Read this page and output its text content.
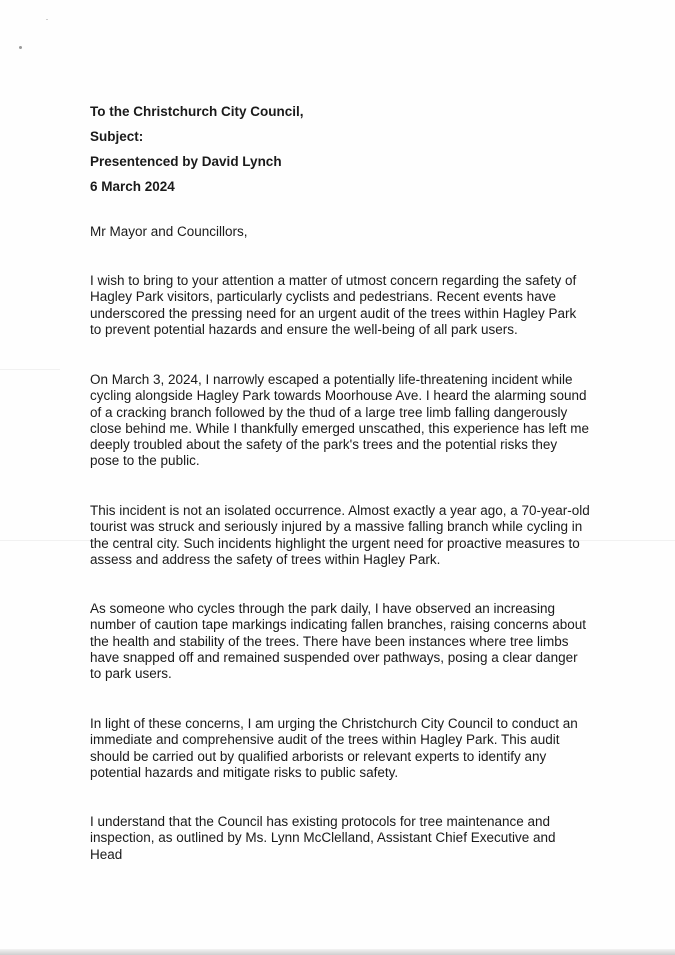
To the Christchurch City Council,
Subject:
Presentenced by David Lynch
6 March 2024
Mr Mayor and Councillors,

I wish to bring to your attention a matter of utmost concern regarding the safety of Hagley Park visitors, particularly cyclists and pedestrians. Recent events have underscored the pressing need for an urgent audit of the trees within Hagley Park to prevent potential hazards and ensure the well-being of all park users.

On March 3, 2024, I narrowly escaped a potentially life-threatening incident while cycling alongside Hagley Park towards Moorhouse Ave. I heard the alarming sound of a cracking branch followed by the thud of a large tree limb falling dangerously close behind me. While I thankfully emerged unscathed, this experience has left me deeply troubled about the safety of the park's trees and the potential risks they pose to the public.

This incident is not an isolated occurrence. Almost exactly a year ago, a 70-year-old tourist was struck and seriously injured by a massive falling branch while cycling in the central city. Such incidents highlight the urgent need for proactive measures to assess and address the safety of trees within Hagley Park.

As someone who cycles through the park daily, I have observed an increasing number of caution tape markings indicating fallen branches, raising concerns about the health and stability of the trees. There have been instances where tree limbs have snapped off and remained suspended over pathways, posing a clear danger to park users.

In light of these concerns, I am urging the Christchurch City Council to conduct an immediate and comprehensive audit of the trees within Hagley Park. This audit should be carried out by qualified arborists or relevant experts to identify any potential hazards and mitigate risks to public safety.

I understand that the Council has existing protocols for tree maintenance and inspection, as outlined by Ms. Lynn McClelland, Assistant Chief Executive and Head
